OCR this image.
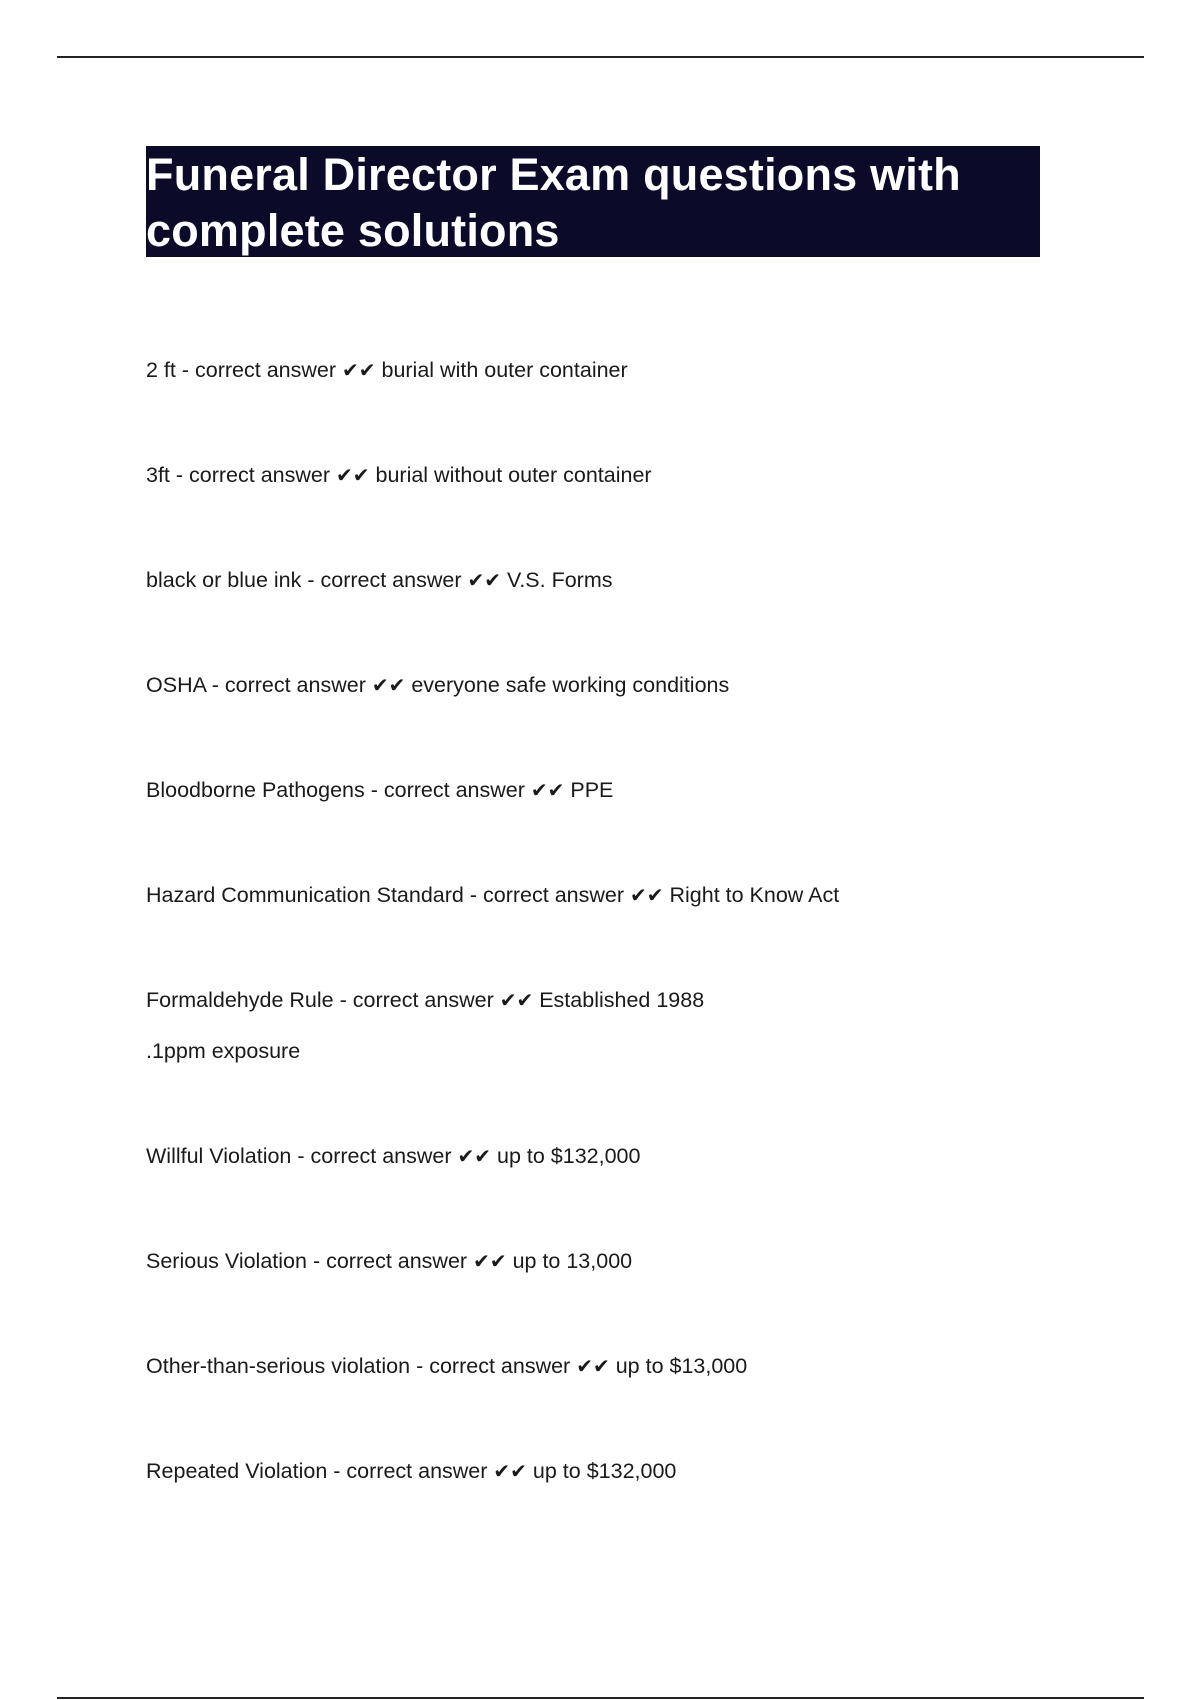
Funeral Director Exam questions with complete solutions

2 ft - correct answer ✔✔ burial with outer container

3ft - correct answer ✔✔ burial without outer container

black or blue ink - correct answer ✔✔ V.S. Forms

OSHA - correct answer ✔✔ everyone safe working conditions

Bloodborne Pathogens - correct answer ✔✔ PPE

Hazard Communication Standard - correct answer ✔✔ Right to Know Act

Formaldehyde Rule - correct answer ✔✔ Established 1988
.1ppm exposure

Willful Violation - correct answer ✔✔ up to $132,000

Serious Violation - correct answer ✔✔ up to 13,000

Other-than-serious violation - correct answer ✔✔ up to $13,000

Repeated Violation - correct answer ✔✔ up to $132,000
